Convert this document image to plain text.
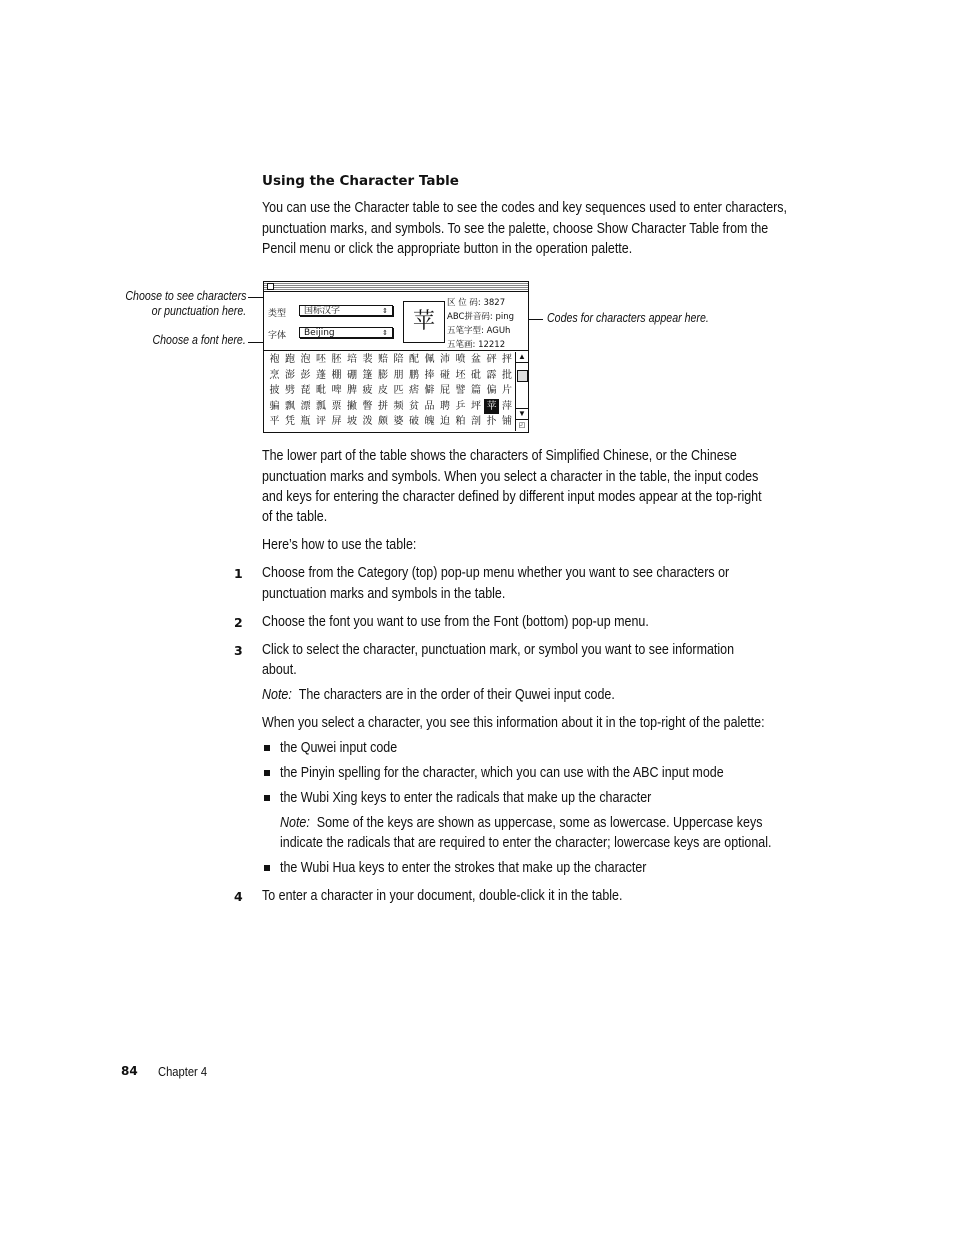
Using the Character Table
You can use the Character table to see the codes and key sequences used to enter characters,
punctuation marks, and symbols. To see the palette, choose Show Character Table from the
Pencil menu or click the appropriate button in the operation palette.
Choose to see characters
or punctuation here.
Choose a font here.
Codes for characters appear here.
类型	国标汉字	⇕
字体	Beijing	⇕	苹
区 位 码: 3827
ABC拼音码: ping
五笔字型: AGUh
五笔画: 12212
袍 跑 泡 呸 胚 培 裴 赔 陪 配 佩 沛 喷 盆 砰 抨
烹 澎 彭 蓬 棚 硼 篷 膨 朋 鹏 捧 碰 坯 砒 霹 批
披 劈 琵 毗 啤 脾 疲 皮 匹 痞 僻 屁 譬 篇 偏 片
骗 飘 漂 瓢 票 撇 瞥 拼 频 贫 品 聘 乒 坪 苹 萍
平 凭 瓶 评 屏 坡 泼 颇 婆 破 魄 迫 粕 剖 扑 铺
▲
▼
◰
The lower part of the table shows the characters of Simplified Chinese, or the Chinese
punctuation marks and symbols. When you select a character in the table, the input codes
and keys for entering the character defined by different input modes appear at the top-right
of the table.
Here’s how to use the table:
1 Choose from the Category (top) pop-up menu whether you want to see characters or
punctuation marks and symbols in the table.
2 Choose the font you want to use from the Font (bottom) pop-up menu.
3 Click to select the character, punctuation mark, or symbol you want to see information
about.
Note: The characters are in the order of their Quwei input code.
When you select a character, you see this information about it in the top-right of the palette:
the Quwei input code
the Pinyin spelling for the character, which you can use with the ABC input mode
the Wubi Xing keys to enter the radicals that make up the character
Note: Some of the keys are shown as uppercase, some as lowercase. Uppercase keys
indicate the radicals that are required to enter the character; lowercase keys are optional.
the Wubi Hua keys to enter the strokes that make up the character
4 To enter a character in your document, double-click it in the table.
84 Chapter 4
